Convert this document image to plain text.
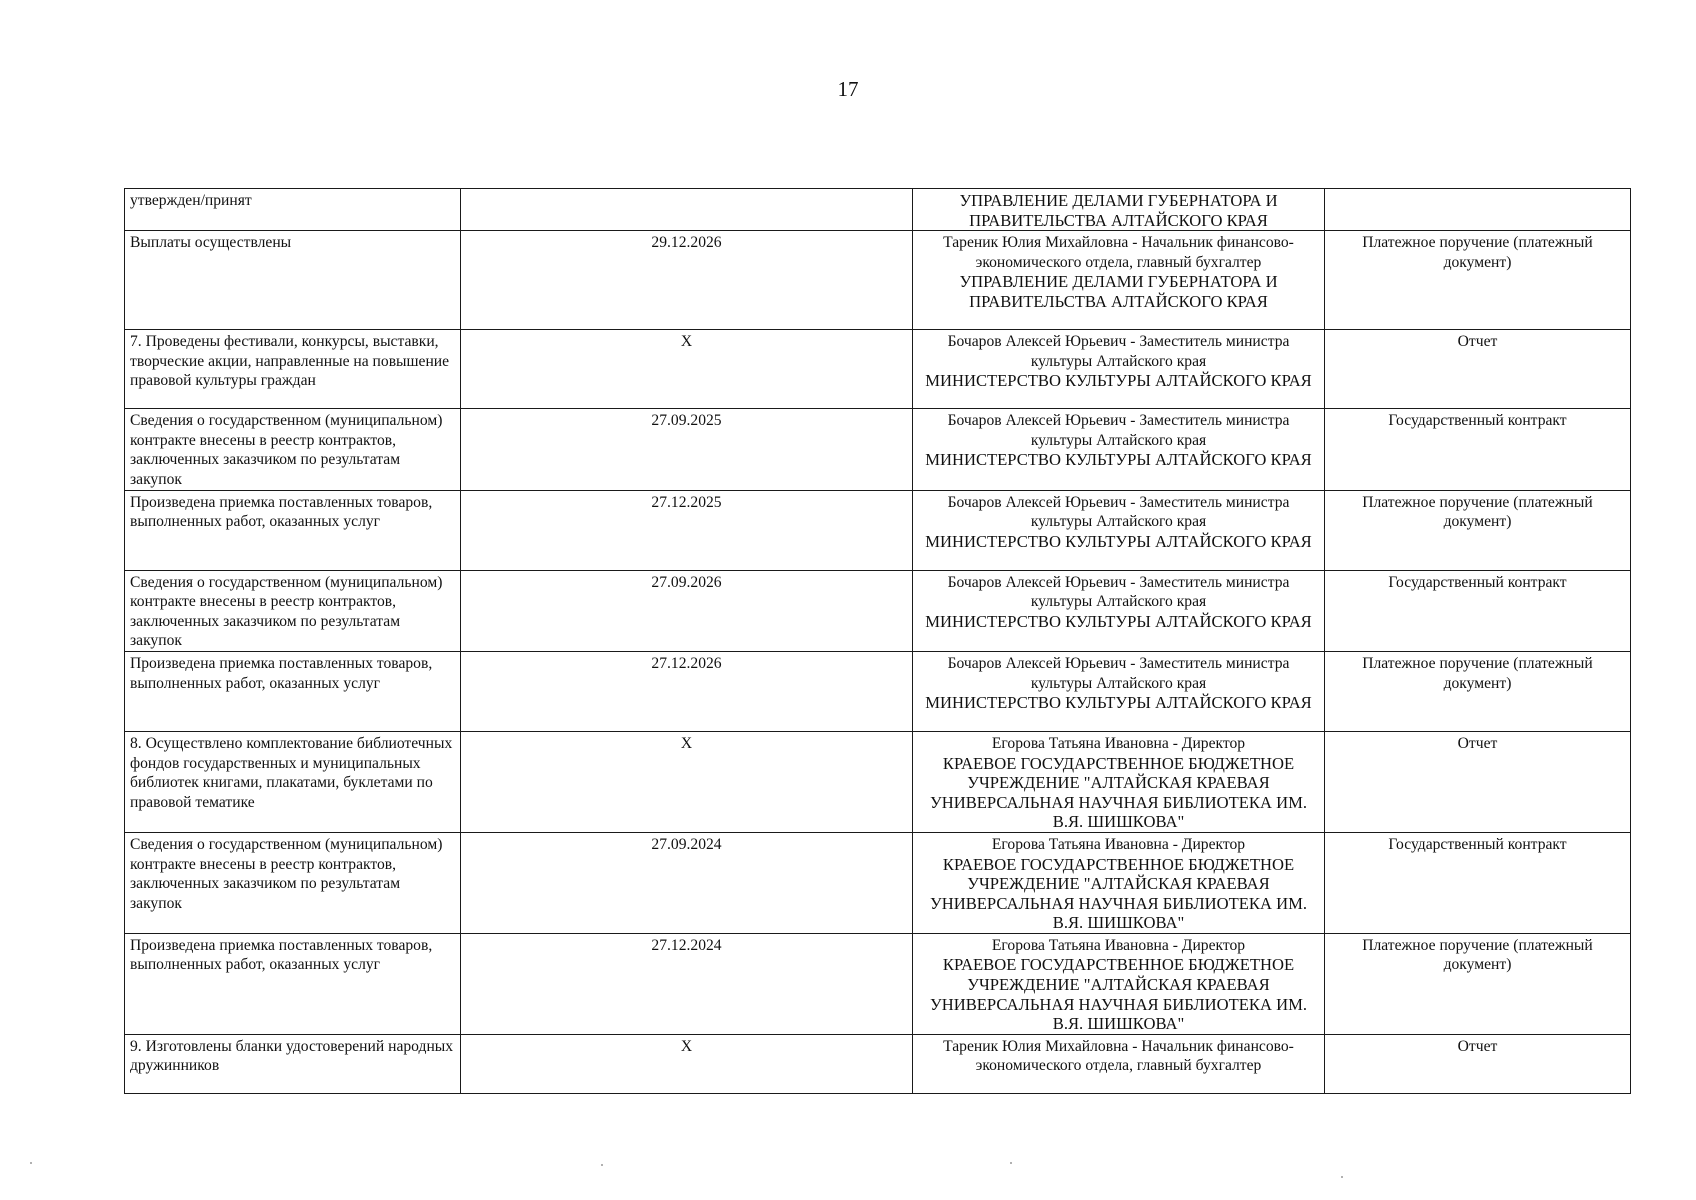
17
утвержден/принят		УПРАВЛЕНИЕ ДЕЛАМИ ГУБЕРНАТОРА И ПРАВИТЕЛЬСТВА АЛТАЙСКОГО КРАЯ	

Выплаты осуществлены	29.12.2026	Тареник Юлия Михайловна - Начальник финансово-экономического отдела, главный бухгалтер
УПРАВЛЕНИЕ ДЕЛАМИ ГУБЕРНАТОРА И ПРАВИТЕЛЬСТВА АЛТАЙСКОГО КРАЯ	Платежное поручение (платежный документ)
7. Проведены фестивали, конкурсы, выставки, творческие акции, направленные на повышение правовой культуры граждан	X	Бочаров Алексей Юрьевич - Заместитель министра культуры Алтайского края
МИНИСТЕРСТВО КУЛЬТУРЫ АЛТАЙСКОГО КРАЯ	Отчет
Сведения о государственном (муниципальном) контракте внесены в реестр контрактов, заключенных заказчиком по результатам закупок	27.09.2025	Бочаров Алексей Юрьевич - Заместитель министра культуры Алтайского края
МИНИСТЕРСТВО КУЛЬТУРЫ АЛТАЙСКОГО КРАЯ	Государственный контракт
Произведена приемка поставленных товаров, выполненных работ, оказанных услуг	27.12.2025	Бочаров Алексей Юрьевич - Заместитель министра культуры Алтайского края
МИНИСТЕРСТВО КУЛЬТУРЫ АЛТАЙСКОГО КРАЯ	Платежное поручение (платежный документ)
Сведения о государственном (муниципальном) контракте внесены в реестр контрактов, заключенных заказчиком по результатам закупок	27.09.2026	Бочаров Алексей Юрьевич - Заместитель министра культуры Алтайского края
МИНИСТЕРСТВО КУЛЬТУРЫ АЛТАЙСКОГО КРАЯ	Государственный контракт
Произведена приемка поставленных товаров, выполненных работ, оказанных услуг	27.12.2026	Бочаров Алексей Юрьевич - Заместитель министра культуры Алтайского края
МИНИСТЕРСТВО КУЛЬТУРЫ АЛТАЙСКОГО КРАЯ	Платежное поручение (платежный документ)
8. Осуществлено комплектование библиотечных фондов государственных и муниципальных библиотек книгами, плакатами, буклетами по правовой тематике	X	Егорова Татьяна Ивановна - Директор
КРАЕВОЕ ГОСУДАРСТВЕННОЕ БЮДЖЕТНОЕ УЧРЕЖДЕНИЕ "АЛТАЙСКАЯ КРАЕВАЯ УНИВЕРСАЛЬНАЯ НАУЧНАЯ БИБЛИОТЕКА ИМ. В.Я. ШИШКОВА"	Отчет
Сведения о государственном (муниципальном) контракте внесены в реестр контрактов, заключенных заказчиком по результатам закупок	27.09.2024	Егорова Татьяна Ивановна - Директор
КРАЕВОЕ ГОСУДАРСТВЕННОЕ БЮДЖЕТНОЕ УЧРЕЖДЕНИЕ "АЛТАЙСКАЯ КРАЕВАЯ УНИВЕРСАЛЬНАЯ НАУЧНАЯ БИБЛИОТЕКА ИМ. В.Я. ШИШКОВА"	Государственный контракт
Произведена приемка поставленных товаров, выполненных работ, оказанных услуг	27.12.2024	Егорова Татьяна Ивановна - Директор
КРАЕВОЕ ГОСУДАРСТВЕННОЕ БЮДЖЕТНОЕ УЧРЕЖДЕНИЕ "АЛТАЙСКАЯ КРАЕВАЯ УНИВЕРСАЛЬНАЯ НАУЧНАЯ БИБЛИОТЕКА ИМ. В.Я. ШИШКОВА"	Платежное поручение (платежный документ)
9. Изготовлены бланки удостоверений народных дружинников	X	Тареник Юлия Михайловна - Начальник финансово-экономического отдела, главный бухгалтер	Отчет
